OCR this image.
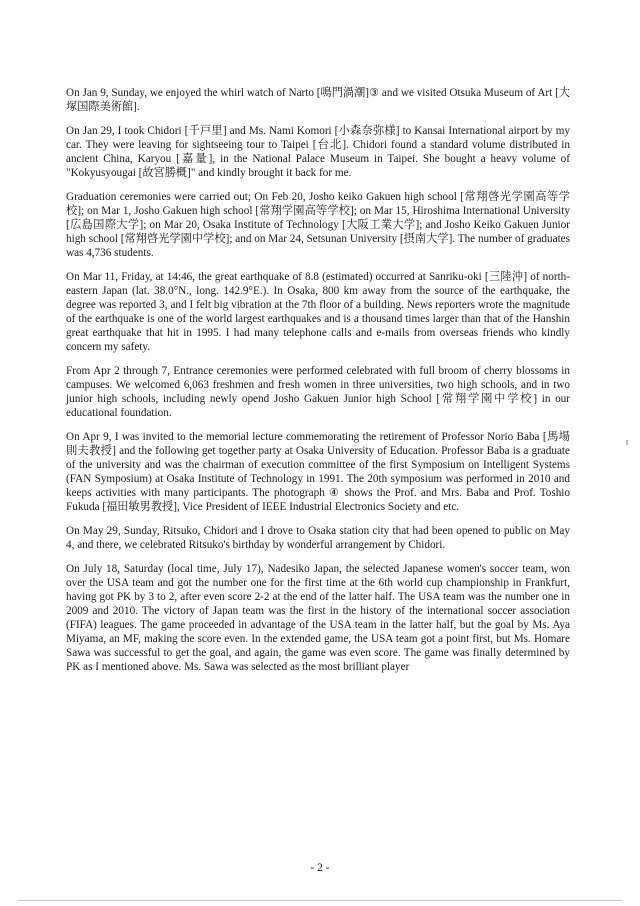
On Jan 9, Sunday, we enjoyed the whirl watch of Narto [鳴門渦潮]③ and we visited Otsuka Museum of Art [大塚国際美術館].

On Jan 29, I took Chidori [千戸里] and Ms. Nami Komori [小森奈弥様] to Kansai International airport by my car. They were leaving for sightseeing tour to Taipei [台北]. Chidori found a standard volume distributed in ancient China, Karyou [嘉量], in the National Palace Museum in Taipei. She bought a heavy volume of "Kokyusyougai [故宮勝概]" and kindly brought it back for me.

Graduation ceremonies were carried out; On Feb 20, Josho keiko Gakuen high school [常翔啓光学園高等学校]; on Mar 1, Josho Gakuen high school [常翔学園高等学校]; on Mar 15, Hiroshima International University [広島国際大学]; on Mar 20, Osaka Institute of Technology [大阪工業大学]; and Josho Keiko Gakuen Junior high school [常翔啓光学園中学校]; and on Mar 24, Setsunan University [摂南大学]. The number of graduates was 4,736 students.

On Mar 11, Friday, at 14:46, the great earthquake of 8.8 (estimated) occurred at Sanriku-oki [三陸沖] of north-eastern Japan (lat. 38.0°N., long. 142.9°E.). In Osaka, 800 km away from the source of the earthquake, the degree was reported 3, and I felt big vibration at the 7th floor of a building. News reporters wrote the magnitude of the earthquake is one of the world largest earthquakes and is a thousand times larger than that of the Hanshin great earthquake that hit in 1995. I had many telephone calls and e-mails from overseas friends who kindly concern my safety.

From Apr 2 through 7, Entrance ceremonies were performed celebrated with full broom of cherry blossoms in campuses. We welcomed 6,063 freshmen and fresh women in three universities, two high schools, and in two junior high schools, including newly opend Josho Gakuen Junior high School [常翔学園中学校] in our educational foundation.

On Apr 9, I was invited to the memorial lecture commemorating the retirement of Professor Norio Baba [馬場則夫教授] and the following get together party at Osaka University of Education. Professor Baba is a graduate of the university and was the chairman of execution committee of the first Symposium on Intelligent Systems (FAN Symposium) at Osaka Institute of Technology in 1991. The 20th symposium was performed in 2010 and keeps activities with many participants. The photograph ④ shows the Prof. and Mrs. Baba and Prof. Toshio Fukuda [福田敏男教授], Vice President of IEEE Industrial Electronics Society and etc.

On May 29, Sunday, Ritsuko, Chidori and I drove to Osaka station city that had been opened to public on May 4, and there, we celebrated Ritsuko's birthday by wonderful arrangement by Chidori.

On July 18, Saturday (local time, July 17), Nadesiko Japan, the selected Japanese women's soccer team, won over the USA team and got the number one for the first time at the 6th world cup championship in Frankfurt, having got PK by 3 to 2, after even score 2-2 at the end of the latter half. The USA team was the number one in 2009 and 2010. The victory of Japan team was the first in the history of the international soccer association (FIFA) leagues. The game proceeded in advantage of the USA team in the latter half, but the goal by Ms. Aya Miyama, an MF, making the score even. In the extended game, the USA team got a point first, but Ms. Homare Sawa was successful to get the goal, and again, the game was even score. The game was finally determined by PK as I mentioned above. Ms. Sawa was selected as the most brilliant player

- 2 -
